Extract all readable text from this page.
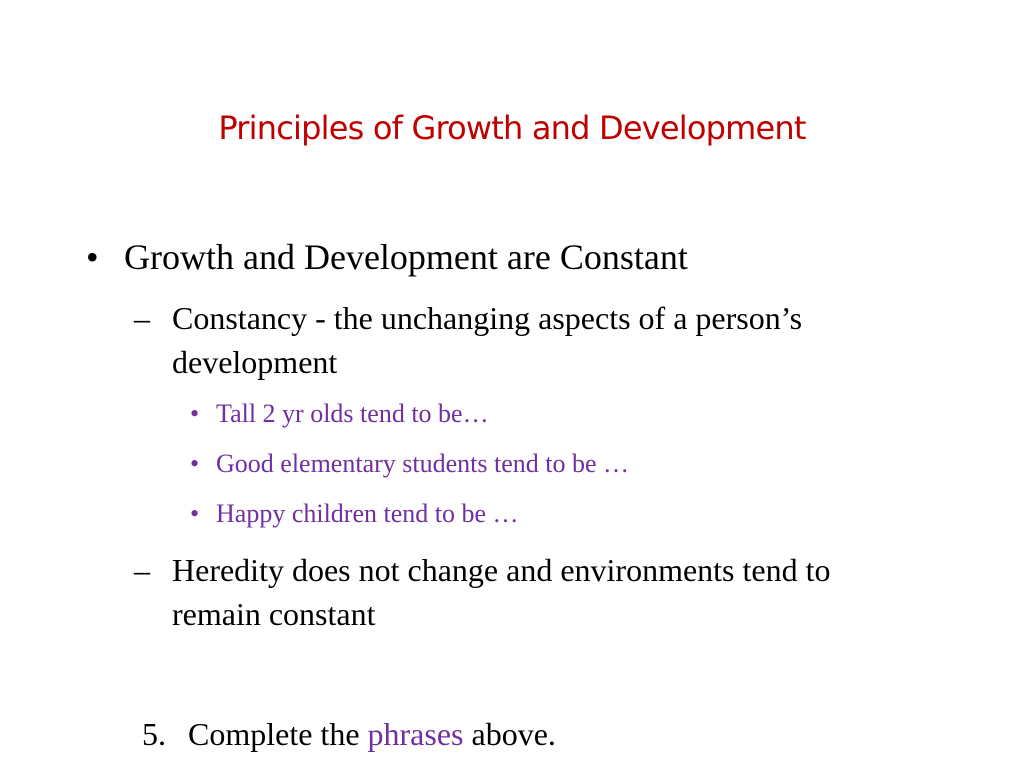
Principles of Growth and Development
• Growth and Development are Constant
– Constancy - the unchanging aspects of a person’s development
• Tall 2 yr olds tend to be…
• Good elementary students tend to be …
• Happy children tend to be …
– Heredity does not change and environments tend to remain constant
5. Complete the phrases above.
